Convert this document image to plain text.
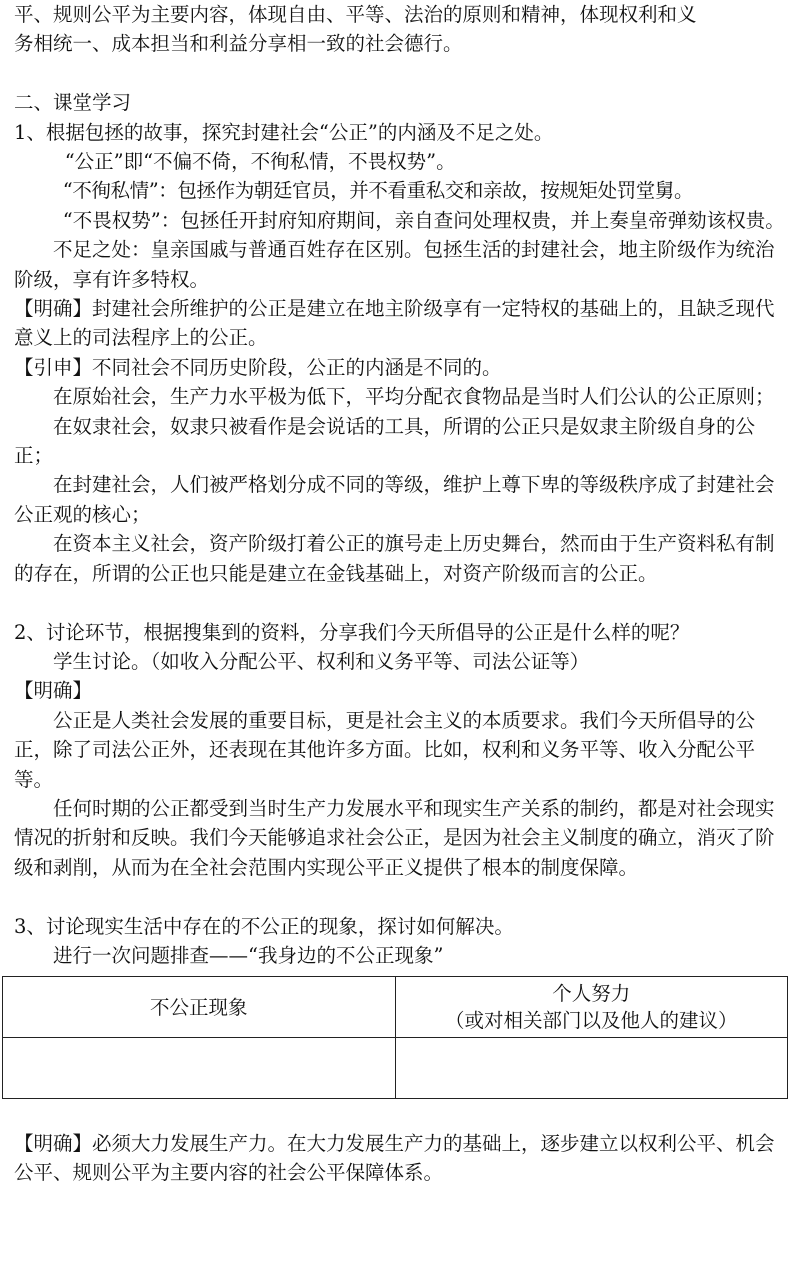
平、规则公平为主要内容，体现自由、平等、法治的原则和精神，体现权利和义

务相统一、成本担当和利益分享相一致的社会德行。

二、课堂学习

1、根据包拯的故事，探究封建社会“公正”的内涵及不足之处。

“公正”即“不偏不倚，不徇私情，不畏权势”。

“不徇私情”：包拯作为朝廷官员，并不看重私交和亲故，按规矩处罚堂舅。

“不畏权势”：包拯任开封府知府期间，亲自查问处理权贵，并上奏皇帝弹劾该权贵。

不足之处：皇亲国戚与普通百姓存在区别。包拯生活的封建社会，地主阶级作为统治阶级，享有许多特权。

【明确】封建社会所维护的公正是建立在地主阶级享有一定特权的基础上的，且缺乏现代意义上的司法程序上的公正。

【引申】不同社会不同历史阶段，公正的内涵是不同的。

在原始社会，生产力水平极为低下，平均分配衣食物品是当时人们公认的公正原则；

在奴隶社会，奴隶只被看作是会说话的工具，所谓的公正只是奴隶主阶级自身的公正；

在封建社会，人们被严格划分成不同的等级，维护上尊下卑的等级秩序成了封建社会公正观的核心；

在资本主义社会，资产阶级打着公正的旗号走上历史舞台，然而由于生产资料私有制的存在，所谓的公正也只能是建立在金钱基础上，对资产阶级而言的公正。

2、讨论环节，根据搜集到的资料，分享我们今天所倡导的公正是什么样的呢？

学生讨论。（如收入分配公平、权利和义务平等、司法公证等）

【明确】

公正是人类社会发展的重要目标，更是社会主义的本质要求。我们今天所倡导的公正，除了司法公正外，还表现在其他许多方面。比如，权利和义务平等、收入分配公平等。

任何时期的公正都受到当时生产力发展水平和现实生产关系的制约，都是对社会现实情况的折射和反映。我们今天能够追求社会公正，是因为社会主义制度的确立，消灭了阶级和剥削，从而为在全社会范围内实现公平正义提供了根本的制度保障。

3、讨论现实生活中存在的不公正的现象，探讨如何解决。

进行一次问题排查——“我身边的不公正现象”

不公正现象	个人努力
（或对相关部门以及他人的建议）

【明确】必须大力发展生产力。在大力发展生产力的基础上，逐步建立以权利公平、机会公平、规则公平为主要内容的社会公平保障体系。
